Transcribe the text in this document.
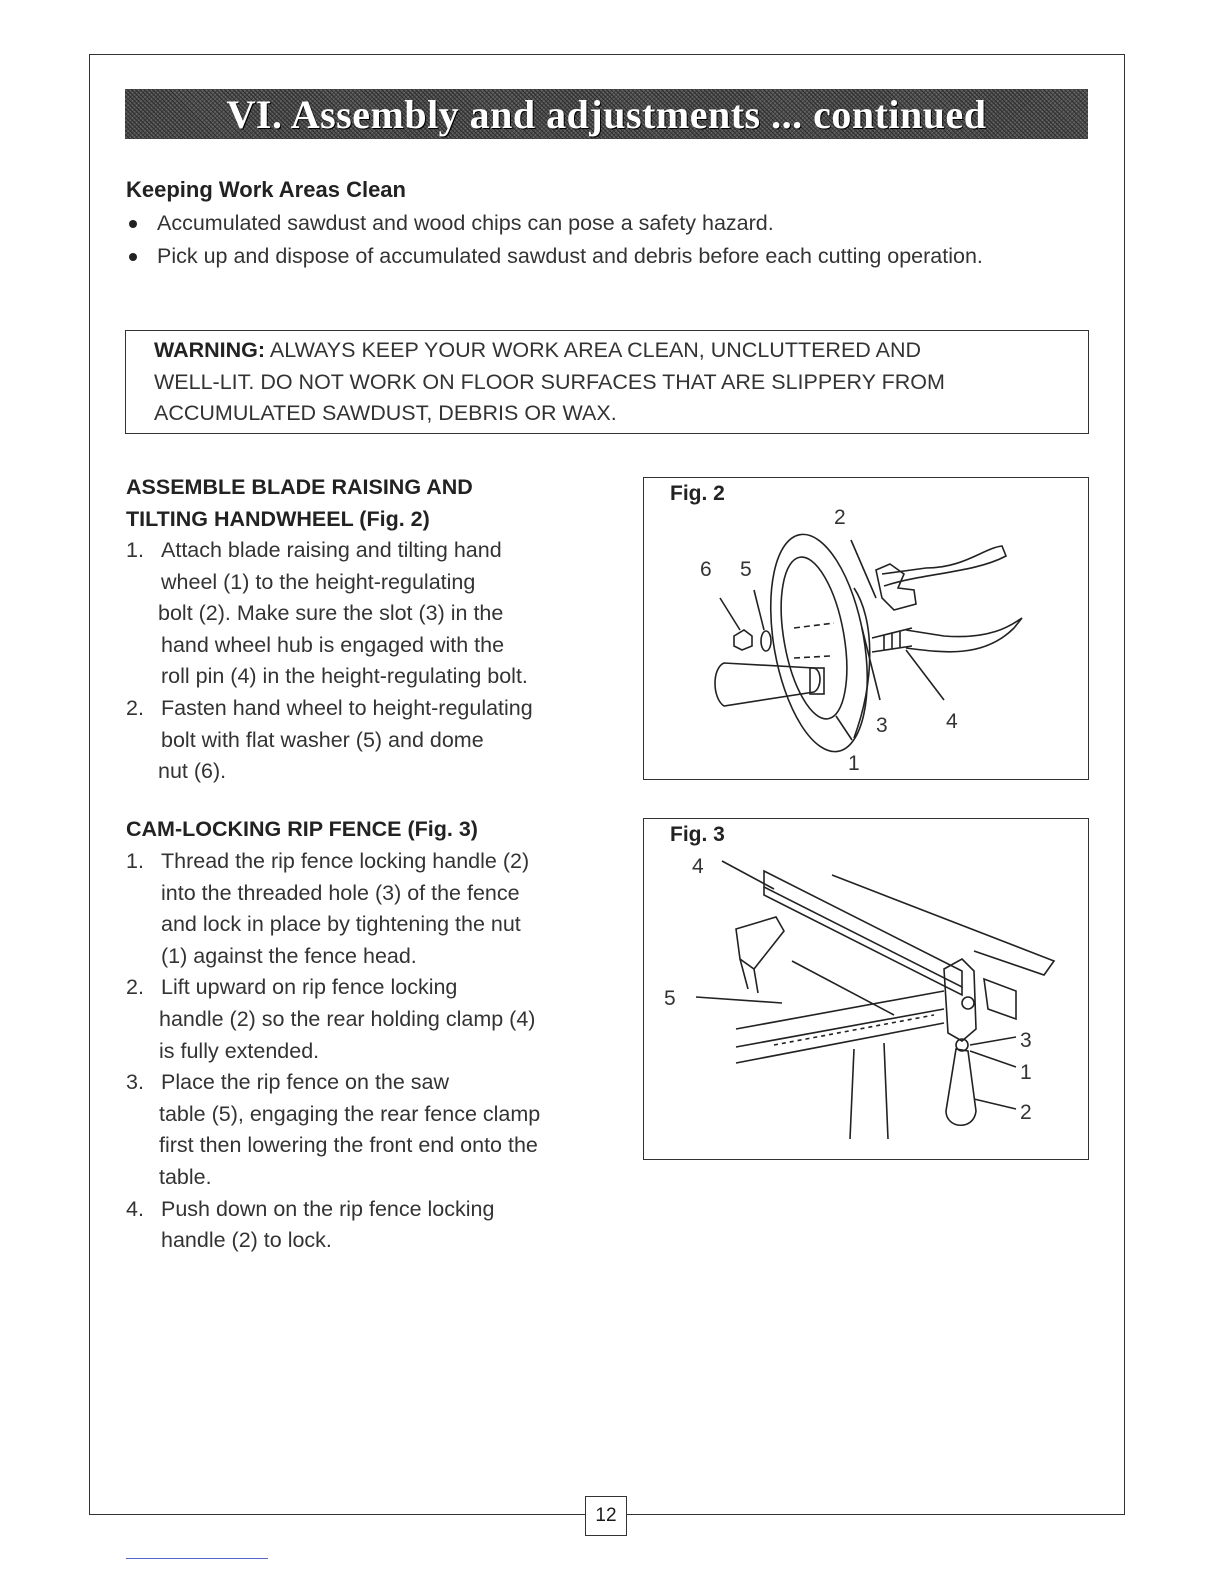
VI. Assembly and adjustments ... continued
Keeping Work Areas Clean
Accumulated sawdust and wood chips can pose a safety hazard.
Pick up and dispose of accumulated sawdust and debris before each cutting operation.
WARNING: ALWAYS KEEP YOUR WORK AREA CLEAN, UNCLUTTERED AND
WELL-LIT. DO NOT WORK ON FLOOR SURFACES THAT ARE SLIPPERY FROM
ACCUMULATED SAWDUST, DEBRIS OR WAX.
ASSEMBLE BLADE RAISING AND
TILTING HANDWHEEL (Fig. 2)
1. Attach blade raising and tilting hand
wheel (1) to the height-regulating
bolt (2). Make sure the slot (3) in the
hand wheel hub is engaged with the
roll pin (4) in the height-regulating bolt.
2. Fasten hand wheel to height-regulating
bolt with flat washer (5) and dome
nut (6).
CAM-LOCKING RIP FENCE (Fig. 3)
1. Thread the rip fence locking handle (2)
into the threaded hole (3) of the fence
and lock in place by tightening the nut
(1) against the fence head.
2. Lift upward on rip fence locking
handle (2) so the rear holding clamp (4)
is fully extended.
3. Place the rip fence on the saw
table (5), engaging the rear fence clamp
first then lowering the front end onto the
table.
4. Push down on the rip fence locking
handle (2) to lock.
Fig. 2
2
6 5
3	4
1
Fig. 3
4
5
3
1
2
12
